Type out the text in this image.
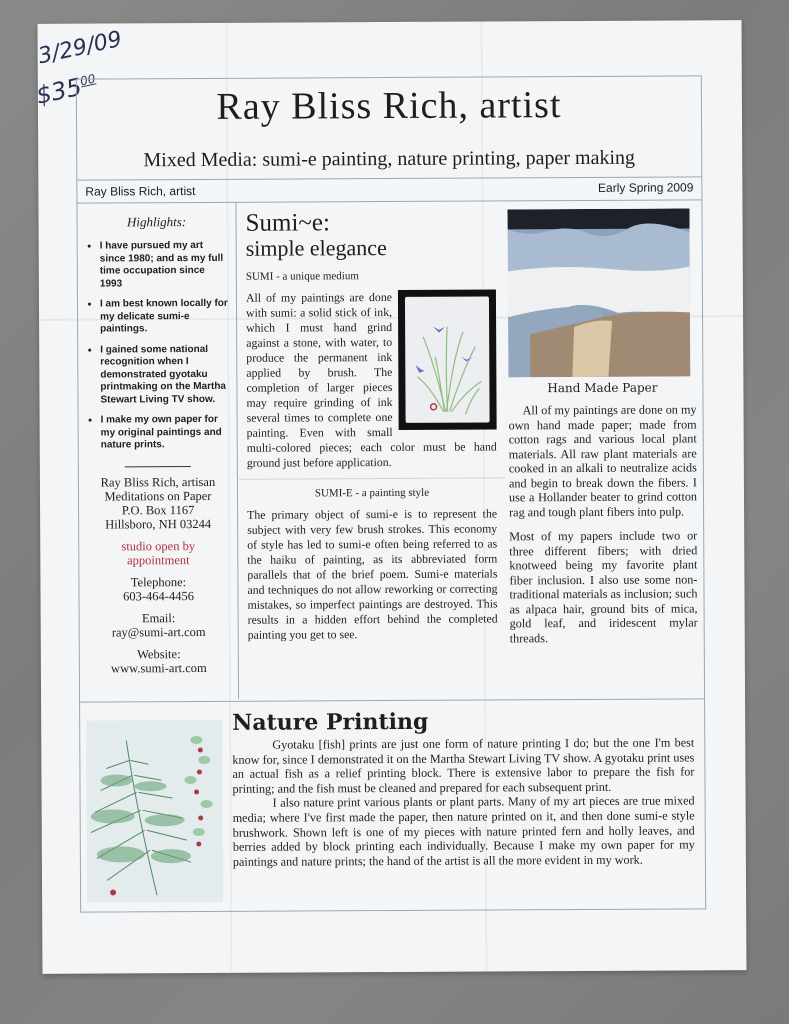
3/29/09
$\$35^{00}$
Ray Bliss Rich, artist
Mixed Media: sumi-e painting, nature printing, paper making
Ray Bliss Rich, artist	Early Spring 2009
Highlights:
• I have pursued my art since 1980; and as my full time occupation since 1993
• I am best known locally for my delicate sumi-e paintings.
• I gained some national recognition when I demonstrated gyotaku printmaking on the Martha Stewart Living TV show.
• I make my own paper for my original paintings and nature prints.
Ray Bliss Rich, artisan
Meditations on Paper
P.O. Box 1167
Hillsboro, NH 03244
studio open by
appointment
Telephone:
603-464-4456
Email:
ray@sumi-art.com
Website:
www.sumi-art.com
Sumi~e:
simple elegance
SUMI - a unique medium

All of my paintings are done with sumi: a solid stick of ink, which I must hand grind against a stone, with water, to produce the permanent ink applied by brush. The completion of larger pieces may require grinding of ink several times to complete one painting. Even with small multi-colored pieces; each color must be hand ground just before application.

SUMI-E - a painting style

The primary object of sumi-e is to represent the subject with very few brush strokes. This economy of style has led to sumi-e often being referred to as the haiku of painting, as its abbreviated form parallels that of the brief poem. Sumi-e materials and techniques do not allow reworking or correcting mistakes, so imperfect paintings are destroyed. This results in a hidden effort behind the completed painting you get to see.

Hand Made Paper

All of my paintings are done on my own hand made paper; made from cotton rags and various local plant materials. All raw plant materials are cooked in an alkali to neutralize acids and begin to break down the fibers. I use a Hollander beater to grind cotton rag and tough plant fibers into pulp.

Most of my papers include two or three different fibers; with dried knotweed being my favorite plant fiber inclusion. I also use some non-traditional materials as inclusion; such as alpaca hair, ground bits of mica, gold leaf, and iridescent mylar threads.

Nature Printing

Gyotaku [fish] prints are just one form of nature printing I do; but the one I'm best know for, since I demonstrated it on the Martha Stewart Living TV show. A gyotaku print uses an actual fish as a relief printing block. There is extensive labor to prepare the fish for printing; and the fish must be cleaned and prepared for each subsequent print.

I also nature print various plants or plant parts. Many of my art pieces are true mixed media; where I've first made the paper, then nature printed on it, and then done sumi-e style brushwork. Shown left is one of my pieces with nature printed fern and holly leaves, and berries added by block printing each individually. Because I make my own paper for my paintings and nature prints; the hand of the artist is all the more evident in my work.
